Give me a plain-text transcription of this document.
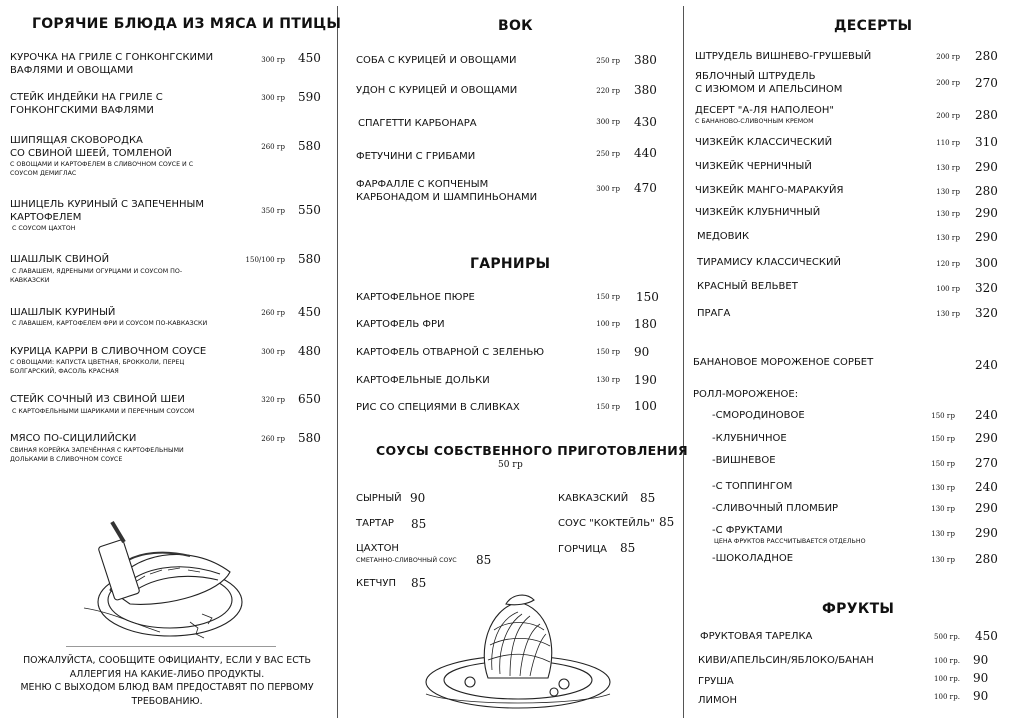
ГОРЯЧИЕ БЛЮДА ИЗ МЯСА И ПТИЦЫ
КУРОЧКА НА ГРИЛЕ С ГОНКОНГСКИМИ
ВАФЛЯМИ И ОВОЩАМИ
300 гр 450
СТЕЙК ИНДЕЙКИ НА ГРИЛЕ С
ГОНКОНГСКИМИ ВАФЛЯМИ
300 гр 590
ШИПЯЩАЯ СКОВОРОДКА
СО СВИНОЙ ШЕЕЙ, ТОМЛЕНОЙ
С ОВОЩАМИ И КАРТОФЕЛЕМ В СЛИВОЧНОМ СОУСЕ И С
СОУСОМ ДЕМИГЛАС
260 гр 580
ШНИЦЕЛЬ КУРИНЫЙ С ЗАПЕЧЕННЫМ
КАРТОФЕЛЕМ
С СОУСОМ ЦАХТОН
350 гр 550
ШАШЛЫК СВИНОЙ
С ЛАВАШЕМ, ЯДРЕНЫМИ ОГУРЦАМИ И СОУСОМ ПО-
КАВКАЗСКИ
150/100 гр 580
ШАШЛЫК КУРИНЫЙ
С ЛАВАШЕМ, КАРТОФЕЛЕМ ФРИ И СОУСОМ ПО-КАВКАЗСКИ
260 гр 450
КУРИЦА КАРРИ В СЛИВОЧНОМ СОУСЕ
С ОВОЩАМИ: КАПУСТА ЦВЕТНАЯ, БРОККОЛИ, ПЕРЕЦ
БОЛГАРСКИЙ, ФАСОЛЬ КРАСНАЯ
300 гр 480
СТЕЙК СОЧНЫЙ ИЗ СВИНОЙ ШЕИ
С КАРТОФЕЛЬНЫМИ ШАРИКАМИ И ПЕРЕЧНЫМ СОУСОМ
320 гр 650
МЯСО ПО-СИЦИЛИЙСКИ
СВИНАЯ КОРЕЙКА ЗАПЕЧЁННАЯ С КАРТОФЕЛЬНЫМИ
ДОЛЬКАМИ В СЛИВОЧНОМ СОУСЕ
260 гр 580
ПОЖАЛУЙСТА, СООБЩИТЕ ОФИЦИАНТУ, ЕСЛИ У ВАС ЕСТЬ
АЛЛЕРГИЯ НА КАКИЕ-ЛИБО ПРОДУКТЫ.
МЕНЮ С ВЫХОДОМ БЛЮД ВАМ ПРЕДОСТАВЯТ ПО ПЕРВОМУ
ТРЕБОВАНИЮ.
ВОК
СОБА С КУРИЦЕЙ И ОВОЩАМИ	250 гр 380
УДОН С КУРИЦЕЙ И ОВОЩАМИ	220 гр 380
СПАГЕТТИ КАРБОНАРА	300 гр 430
ФЕТУЧИНИ С ГРИБАМИ	250 гр 440
ФАРФАЛЛЕ С КОПЧЕНЫМ
КАРБОНАДОМ И ШАМПИНЬОНАМИ
300 гр 470
ГАРНИРЫ
КАРТОФЕЛЬНОЕ ПЮРЕ	150 гр 150
КАРТОФЕЛЬ ФРИ	100 гр 180
КАРТОФЕЛЬ ОТВАРНОЙ С ЗЕЛЕНЬЮ	150 гр 90
КАРТОФЕЛЬНЫЕ ДОЛЬКИ	130 гр 190
РИС СО СПЕЦИЯМИ В СЛИВКАХ	150 гр 100
СОУСЫ СОБСТВЕННОГО ПРИГОТОВЛЕНИЯ
50 гр
СЫРНЫЙ 90
ТАРТАР 85
ЦАХТОН
СМЕТАННО-СЛИВОЧНЫЙ СОУС 85
КЕТЧУП 85
КАВКАЗСКИЙ 85
СОУС "КОКТЕЙЛЬ" 85
ГОРЧИЦА 85
ДЕСЕРТЫ
ШТРУДЕЛЬ ВИШНЕВО-ГРУШЕВЫЙ	200 гр 280
ЯБЛОЧНЫЙ ШТРУДЕЛЬ
С ИЗЮМОМ И АПЕЛЬСИНОМ
200 гр 270
ДЕСЕРТ "А-ЛЯ НАПОЛЕОН"
С БАНАНОВО-СЛИВОЧНЫМ КРЕМОМ
200 гр 280
ЧИЗКЕЙК КЛАССИЧЕСКИЙ	110 гр 310
ЧИЗКЕЙК ЧЕРНИЧНЫЙ	130 гр 290
ЧИЗКЕЙК МАНГО-МАРАКУЙЯ	130 гр 280
ЧИЗКЕЙК КЛУБНИЧНЫЙ	130 гр 290
МЕДОВИК	130 гр 290
ТИРАМИСУ КЛАССИЧЕСКИЙ	120 гр 300
КРАСНЫЙ ВЕЛЬВЕТ	100 гр 320
ПРАГА	130 гр 320
БАНАНОВОЕ МОРОЖЕНОЕ СОРБЕТ	240
РОЛЛ-МОРОЖЕНОЕ:
-СМОРОДИНОВОЕ	150 гр 240
-КЛУБНИЧНОЕ	150 гр 290
-ВИШНЕВОЕ	150 гр 270
-С ТОППИНГОМ	130 гр 240
-СЛИВОЧНЫЙ ПЛОМБИР	130 гр 290
-С ФРУКТАМИ
ЦЕНА ФРУКТОВ РАССЧИТЫВАЕТСЯ ОТДЕЛЬНО
130 гр 290
-ШОКОЛАДНОЕ	130 гр 280
ФРУКТЫ
ФРУКТОВАЯ ТАРЕЛКА	500 гр. 450
КИВИ/АПЕЛЬСИН/ЯБЛОКО/БАНАН	100 гр. 90
ГРУША	100 гр. 90
ЛИМОН	100 гр. 90
